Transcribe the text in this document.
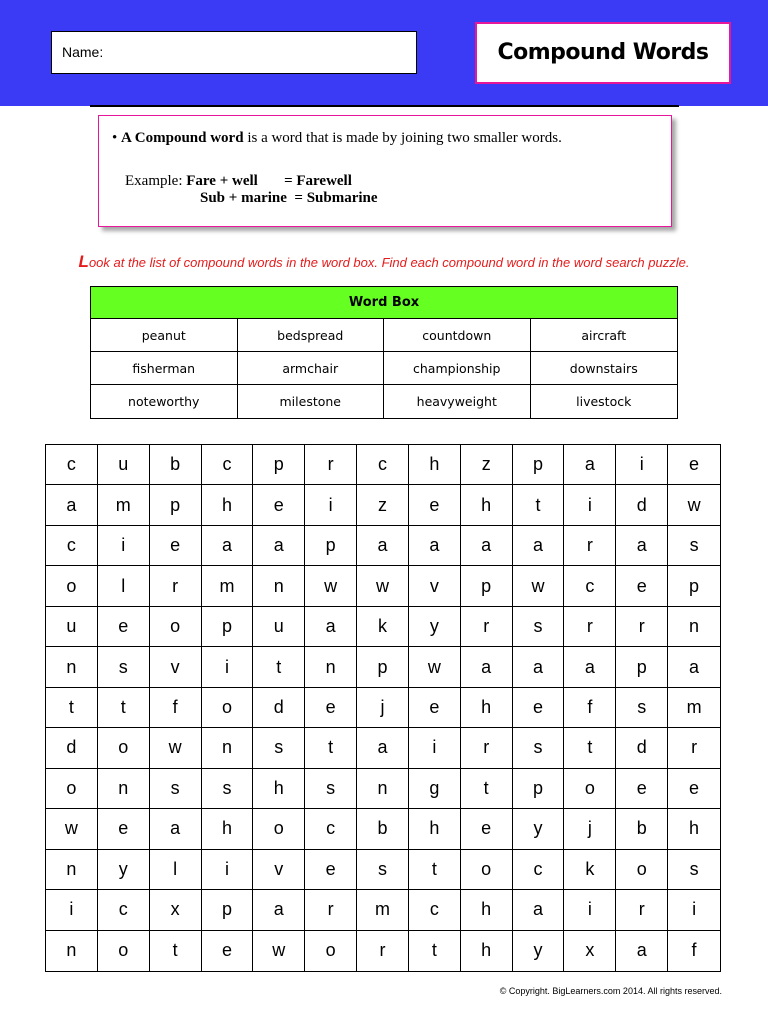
Name:	Compound Words
• A Compound word is a word that is made by joining two smaller words.
Example: Fare + well       = Farewell
Sub + marine  = Submarine
Look at the list of compound words in the word box. Find each compound word in the word search puzzle.
Word Box
peanut	bedspread	countdown	aircraft
fisherman	armchair	championship	downstairs
noteworthy	milestone	heavyweight	livestock
c	u	b	c	p	r	c	h	z	p	a	i	e
a	m	p	h	e	i	z	e	h	t	i	d	w
c	i	e	a	a	p	a	a	a	a	r	a	s
o	l	r	m	n	w	w	v	p	w	c	e	p
u	e	o	p	u	a	k	y	r	s	r	r	n
n	s	v	i	t	n	p	w	a	a	a	p	a
t	t	f	o	d	e	j	e	h	e	f	s	m
d	o	w	n	s	t	a	i	r	s	t	d	r
o	n	s	s	h	s	n	g	t	p	o	e	e
w	e	a	h	o	c	b	h	e	y	j	b	h
n	y	l	i	v	e	s	t	o	c	k	o	s
i	c	x	p	a	r	m	c	h	a	i	r	i
n	o	t	e	w	o	r	t	h	y	x	a	f
© Copyright. BigLearners.com 2014. All rights reserved.
